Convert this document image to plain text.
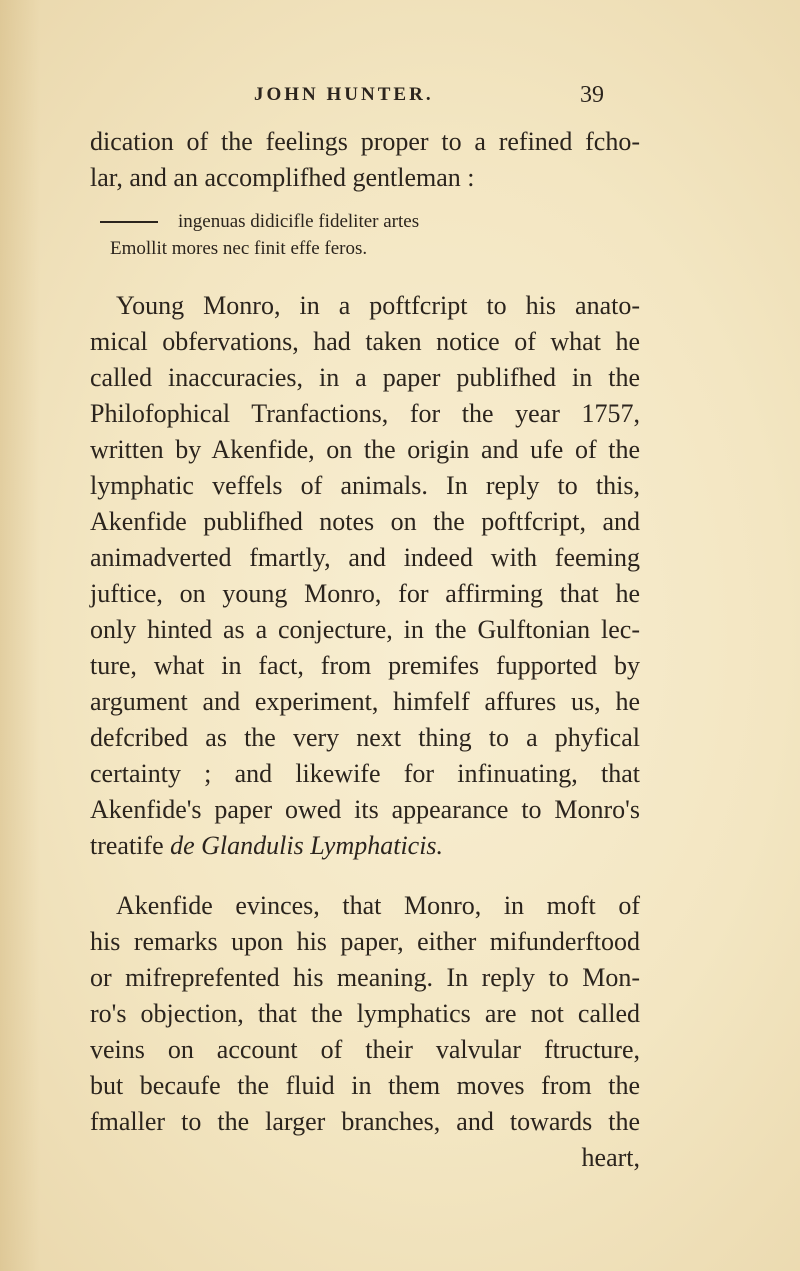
JOHN HUNTER.	39
dication of the feelings proper to a refined fcho-
lar, and an accomplifhed gentleman :
ingenuas didicifle fideliter artes
Emollit mores nec finit effe feros.
Young Monro, in a poftfcript to his anato-
mical obfervations, had taken notice of what he
called inaccuracies, in a paper publifhed in the
Philofophical Tranfactions, for the year 1757,
written by Akenfide, on the origin and ufe of the
lymphatic veffels of animals. In reply to this,
Akenfide publifhed notes on the poftfcript, and
animadverted fmartly, and indeed with feeming
juftice, on young Monro, for affirming that he
only hinted as a conjecture, in the Gulftonian lec-
ture, what in fact, from premifes fupported by
argument and experiment, himfelf affures us, he
defcribed as the very next thing to a phyfical
certainty ; and likewife for infinuating, that
Akenfide's paper owed its appearance to Monro's
treatife de Glandulis Lymphaticis.
Akenfide evinces, that Monro, in moft of
his remarks upon his paper, either mifunderftood
or mifreprefented his meaning. In reply to Mon-
ro's objection, that the lymphatics are not called
veins on account of their valvular ftructure,
but becaufe the fluid in them moves from the
fmaller to the larger branches, and towards the
heart,
